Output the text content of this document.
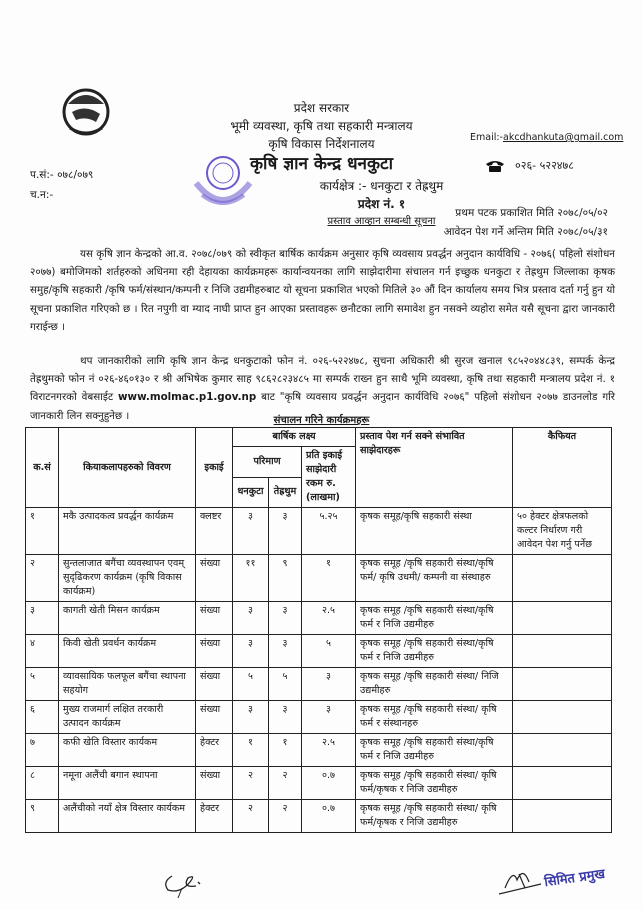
प्रदेश सरकार
भूमी व्यवस्था, कृषि तथा सहकारी मन्त्रालय
कृषि विकास निर्देशनालय
कृषि ज्ञान केन्द्र धनकुटा
कार्यक्षेत्र :- धनकुटा र तेह्रथुम
प्रदेश नं. १
प्रस्ताव आव्हान सम्बन्धी सूचना
प.सं:- ०७८/०७९
च.न:-
Email:-akcdhankuta@gmail.com
०२६- ५२२४७८
प्रथम पटक प्रकाशित मिति २०७८/०५/०२
आवेदन पेश गर्ने अन्तिम मिति २०७८/०५/३१
यस कृषि ज्ञान केन्द्रको आ.व. २०७८/०७९ को स्वीकृत बार्षिक कार्यक्रम अनुसार कृषि व्यवसाय प्रवर्द्धन अनुदान कार्यविधि - २०७६( पहिलो संशोधन २०७७) बमोजिमको शर्तहरुको अधिनमा रही देहायका कार्यक्रमहरू कार्यान्वयनका लागि साझेदारीमा संचालन गर्न इच्छुक धनकुटा र तेह्रथुम जिल्लाका कृषक समुह/कृषि सहकारी /कृषि फर्म/संस्थान/कम्पनी र निजि उद्यमीहरुबाट यो सूचना प्रकाशित भएको मितिले ३० औं दिन कार्यालय समय भित्र प्रस्ताव दर्ता गर्नु हुन यो सूचना प्रकाशित गरिएको छ । रित नपुगी वा म्याद नाघी प्राप्त हुन आएका प्रस्तावहरू छनौटका लागि समावेश हुन नसक्ने व्यहोरा समेत यसै सूचना द्वारा जानकारी गराईन्छ ।
थप जानकारीको लागि कृषि ज्ञान केन्द्र धनकुटाको फोन नं. ०२६-५२२४७८, सुचना अधिकारी श्री सुरज खनाल ९८५२०४४८३९, सम्पर्क केन्द्र तेह्रथुमको फोन नं ०२६-४६०१३० र श्री अभिषेक कुमार साह ९८६२८२३४८५ मा सम्पर्क राख्न हुन साथै भूमि व्यवस्था, कृषि तथा सहकारी मन्त्रालय प्रदेश नं. १ विराटनगरको वेबसाईट www.molmac.p1.gov.np बाट "कृषि व्यवसाय प्रवर्द्धन अनुदान कार्यविधि २०७६" पहिलो संशोधन २०७७ डाउनलोड गरि जानकारी लिन सक्नुहुनेछ ।	संचालन गरिने कार्यक्रमहरू
क.सं	कियाकलापहरुको विवरण	इकाई	बार्षिक लक्ष्य			प्रस्ताव पेश गर्न सक्ने संभावित साझेदारहरू	कैफियत
			परिमाण		प्रति इकाई साझेदारी रकम रु. (लाखमा)		
			धनकुटा	तेह्रथुम			
१	मकै उत्पादकत्व प्रवर्द्धन कार्यक्रम	क्लष्टर	३	३	५.२५	कृषक समूह/कृषि सहकारी संस्था	५० हेक्टर क्षेत्रफलको कल्टर निर्धारण गरी आवेदन पेश गर्नु पर्नेछ
२	सुन्तलाजात बगैंचा व्यवस्थापन एवम् सुदृढिकरण कार्यक्रम (कृषि विकास कार्यक्रम)	संख्या	११	९	१	कृषक समूह /कृषि सहकारी संस्था/कृषि फर्म/ कृषि उधमी/ कम्पनी वा संस्थाहरु	
३	कागती खेती मिसन कार्यक्रम	संख्या	३	३	२.५	कृषक समूह /कृषि सहकारी संस्था/कृषि फर्म र निजि उद्यमीहरु	
४	किवी खेती प्रवर्धन कार्यक्रम	संख्या	३	३	५	कृषक समूह /कृषि सहकारी संस्था/कृषि फर्म र निजि उद्यमीहरु	
५	व्यावसायिक फलफूल बगैंचा स्थापना सहयोग	संख्या	५	५	३	कृषक समूह /कृषि सहकारी संस्था/ निजि उद्यमीहरु	
६	मुख्य राजमार्ग लक्षित तरकारी उत्पादन कार्यक्रम	संख्या	३	३	३	कृषक समूह /कृषि सहकारी संस्था/ कृषि फर्म र संस्थानहरु	
७	कफी खेति विस्तार कार्यकम	हेक्टर	१	१	२.५	कृषक समूह /कृषि सहकारी संस्था/कृषि फर्म र निजि उद्यमीहरु	
८	नमूना अलैंची बगान स्थापना	संख्या	२	२	०.७	कृषक समूह /कृषि सहकारी संस्था/ कृषि फर्म/कृषक र निजि उद्यमीहरु	
९	अलैंचीको नयाँ क्षेत्र विस्तार कार्यकम	हेक्टर	२	२	०.७	कृषक समूह /कृषि सहकारी संस्था/ कृषि फर्म/कृषक र निजि उद्यमीहरु	
सिमित प्रमुख
